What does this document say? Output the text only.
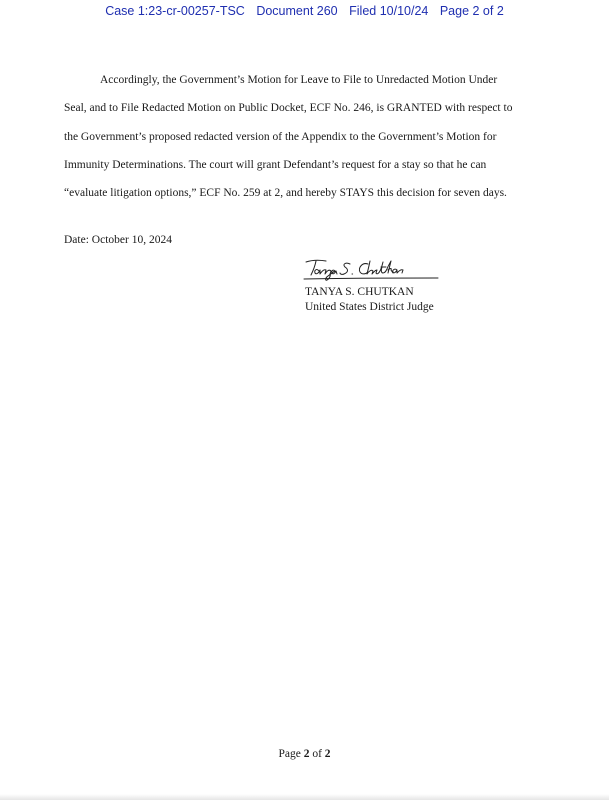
Case 1:23-cr-00257-TSC Document 260 Filed 10/10/24 Page 2 of 2
Accordingly, the Government’s Motion for Leave to File to Unredacted Motion Under
Seal, and to File Redacted Motion on Public Docket, ECF No. 246, is GRANTED with respect to
the Government’s proposed redacted version of the Appendix to the Government’s Motion for
Immunity Determinations. The court will grant Defendant’s request for a stay so that he can
“evaluate litigation options,” ECF No. 259 at 2, and hereby STAYS this decision for seven days.
Date: October 10, 2024
TANYA S. CHUTKAN
United States District Judge
Page 2 of 2
